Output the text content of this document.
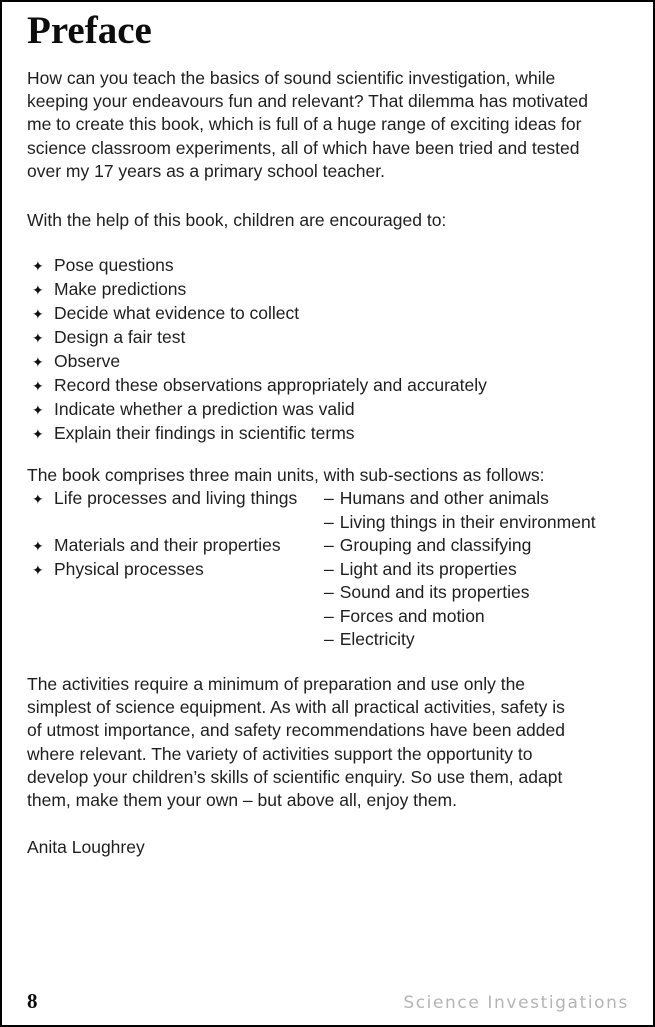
Preface
How can you teach the basics of sound scientific investigation, while
keeping your endeavours fun and relevant? That dilemma has motivated
me to create this book, which is full of a huge range of exciting ideas for
science classroom experiments, all of which have been tried and tested
over my 17 years as a primary school teacher.
With the help of this book, children are encouraged to:
✦ Pose questions
✦ Make predictions
✦ Decide what evidence to collect
✦ Design a fair test
✦ Observe
✦ Record these observations appropriately and accurately
✦ Indicate whether a prediction was valid
✦ Explain their findings in scientific terms
The book comprises three main units, with sub-sections as follows:
✦ Life processes and living things	– Humans and other animals
– Living things in their environment
✦ Materials and their properties	– Grouping and classifying
✦ Physical processes	– Light and its properties
– Sound and its properties
– Forces and motion
– Electricity
The activities require a minimum of preparation and use only the
simplest of science equipment. As with all practical activities, safety is
of utmost importance, and safety recommendations have been added
where relevant. The variety of activities support the opportunity to
develop your children’s skills of scientific enquiry. So use them, adapt
them, make them your own – but above all, enjoy them.
Anita Loughrey
8	Science Investigations
